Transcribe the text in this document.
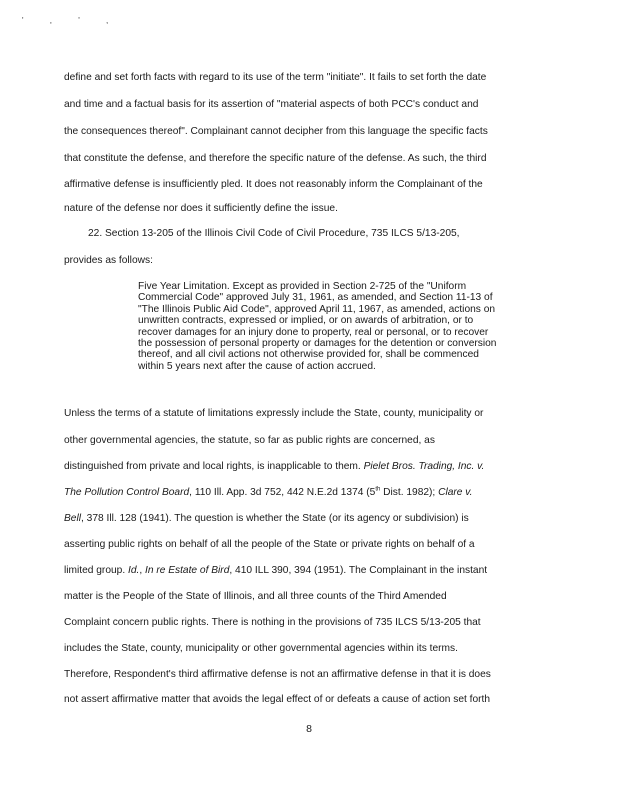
' , ' ,
define and set forth facts with regard to its use of the term "initiate". It fails to set forth the date
and time and a factual basis for its assertion of "material aspects of both PCC's conduct and
the consequences thereof". Complainant cannot decipher from this language the specific facts
that constitute the defense, and therefore the specific nature of the defense. As such, the third
affirmative defense is insufficiently pled. It does not reasonably inform the Complainant of the
nature of the defense nor does it sufficiently define the issue.
22. Section 13-205 of the Illinois Civil Code of Civil Procedure, 735 ILCS 5/13-205,
provides as follows:
Five Year Limitation. Except as provided in Section 2-725 of the "Uniform
Commercial Code" approved July 31, 1961, as amended, and Section 11-13 of
"The Illinois Public Aid Code", approved April 11, 1967, as amended, actions on
unwritten contracts, expressed or implied, or on awards of arbitration, or to
recover damages for an injury done to property, real or personal, or to recover
the possession of personal property or damages for the detention or conversion
thereof, and all civil actions not otherwise provided for, shall be commenced
within 5 years next after the cause of action accrued.
Unless the terms of a statute of limitations expressly include the State, county, municipality or
other governmental agencies, the statute, so far as public rights are concerned, as
distinguished from private and local rights, is inapplicable to them. Pielet Bros. Trading, Inc. v.
The Pollution Control Board, 110 Ill. App. 3d 752, 442 N.E.2d 1374 (5th Dist. 1982); Clare v.
Bell, 378 Ill. 128 (1941). The question is whether the State (or its agency or subdivision) is
asserting public rights on behalf of all the people of the State or private rights on behalf of a
limited group. Id., In re Estate of Bird, 410 ILL 390, 394 (1951). The Complainant in the instant
matter is the People of the State of Illinois, and all three counts of the Third Amended
Complaint concern public rights. There is nothing in the provisions of 735 ILCS 5/13-205 that
includes the State, county, municipality or other governmental agencies within its terms.
Therefore, Respondent's third affirmative defense is not an affirmative defense in that it is does
not assert affirmative matter that avoids the legal effect of or defeats a cause of action set forth
8
